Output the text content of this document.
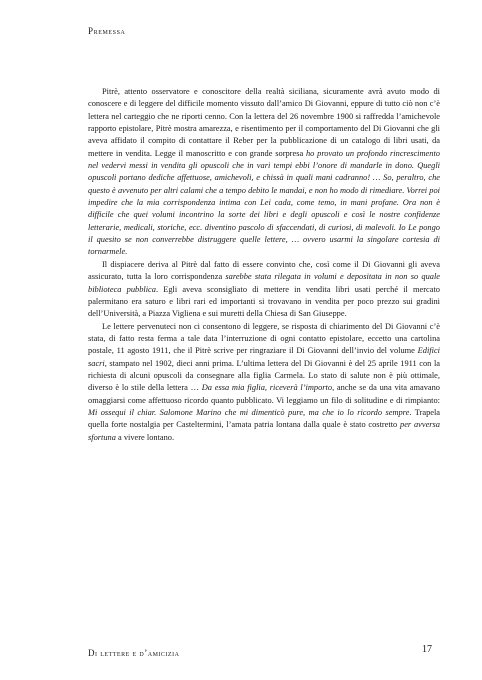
Premessa

Pitrè, attento osservatore e conoscitore della realtà siciliana, sicuramente avrà avuto modo di conoscere e di leggere del difficile momento vissuto dall’amico Di Giovanni, eppure di tutto ciò non c’è lettera nel carteggio che ne riporti cenno. Con la lettera del 26 novembre 1900 si raffredda l’amichevole rapporto epistolare, Pitrè mostra amarezza, e risentimento per il comportamento del Di Giovanni che gli aveva affidato il compito di contattare il Reber per la pubblicazione di un catalogo di libri usati, da mettere in vendita. Legge il manoscritto e con grande sorpresa ho provato un profondo rincrescimento nel vedervi messi in vendita gli opuscoli che in vari tempi ebbi l’onore di mandarle in dono. Quegli opuscoli portano dediche affettuose, amichevoli, e chissà in quali mani cadranno! … So, peraltro, che questo è avvenuto per altri calami che a tempo debito le mandai, e non ho modo di rimediare. Vorrei poi impedire che la mia corrispondenza intima con Lei cada, come temo, in mani profane. Ora non è difficile che quei volumi incontrino la sorte dei libri e degli opuscoli e così le nostre confidenze letterarie, medicali, storiche, ecc. diventino pascolo di sfaccendati, di curiosi, di malevoli. Io Le pongo il quesito se non converrebbe distruggere quelle lettere, … ovvero usarmi la singolare cortesia di tornarmele.

Il dispiacere deriva al Pitrè dal fatto di essere convinto che, così come il Di Giovanni gli aveva assicurato, tutta la loro corrispondenza sarebbe stata rilegata in volumi e depositata in non so quale biblioteca pubblica. Egli aveva sconsigliato di mettere in vendita libri usati perché il mercato palermitano era saturo e libri rari ed importanti si trovavano in vendita per poco prezzo sui gradini dell’Università, a Piazza Vigliena e sui muretti della Chiesa di San Giuseppe.

Le lettere pervenuteci non ci consentono di leggere, se risposta di chiarimento del Di Giovanni c’è stata, di fatto resta ferma a tale data l’interruzione di ogni contatto epistolare, eccetto una cartolina postale, 11 agosto 1911, che il Pitrè scrive per ringraziare il Di Giovanni dell’invio del volume Edifici sacri, stampato nel 1902, dieci anni prima. L’ultima lettera del Di Giovanni è del 25 aprile 1911 con la richiesta di alcuni opuscoli da consegnare alla figlia Carmela. Lo stato di salute non è più ottimale, diverso è lo stile della lettera … Da essa mia figlia, riceverà l’importo, anche se da una vita amavano omaggiarsi come affettuoso ricordo quanto pubblicato. Vi leggiamo un filo di solitudine e di rimpianto: Mi ossequi il chiar. Salomone Marino che mi dimenticò pure, ma che io lo ricordo sempre. Trapela quella forte nostalgia per Casteltermini, l’amata patria lontana dalla quale è stato costretto per avversa sfortuna a vivere lontano.

Di lettere e d’amicizia	17
